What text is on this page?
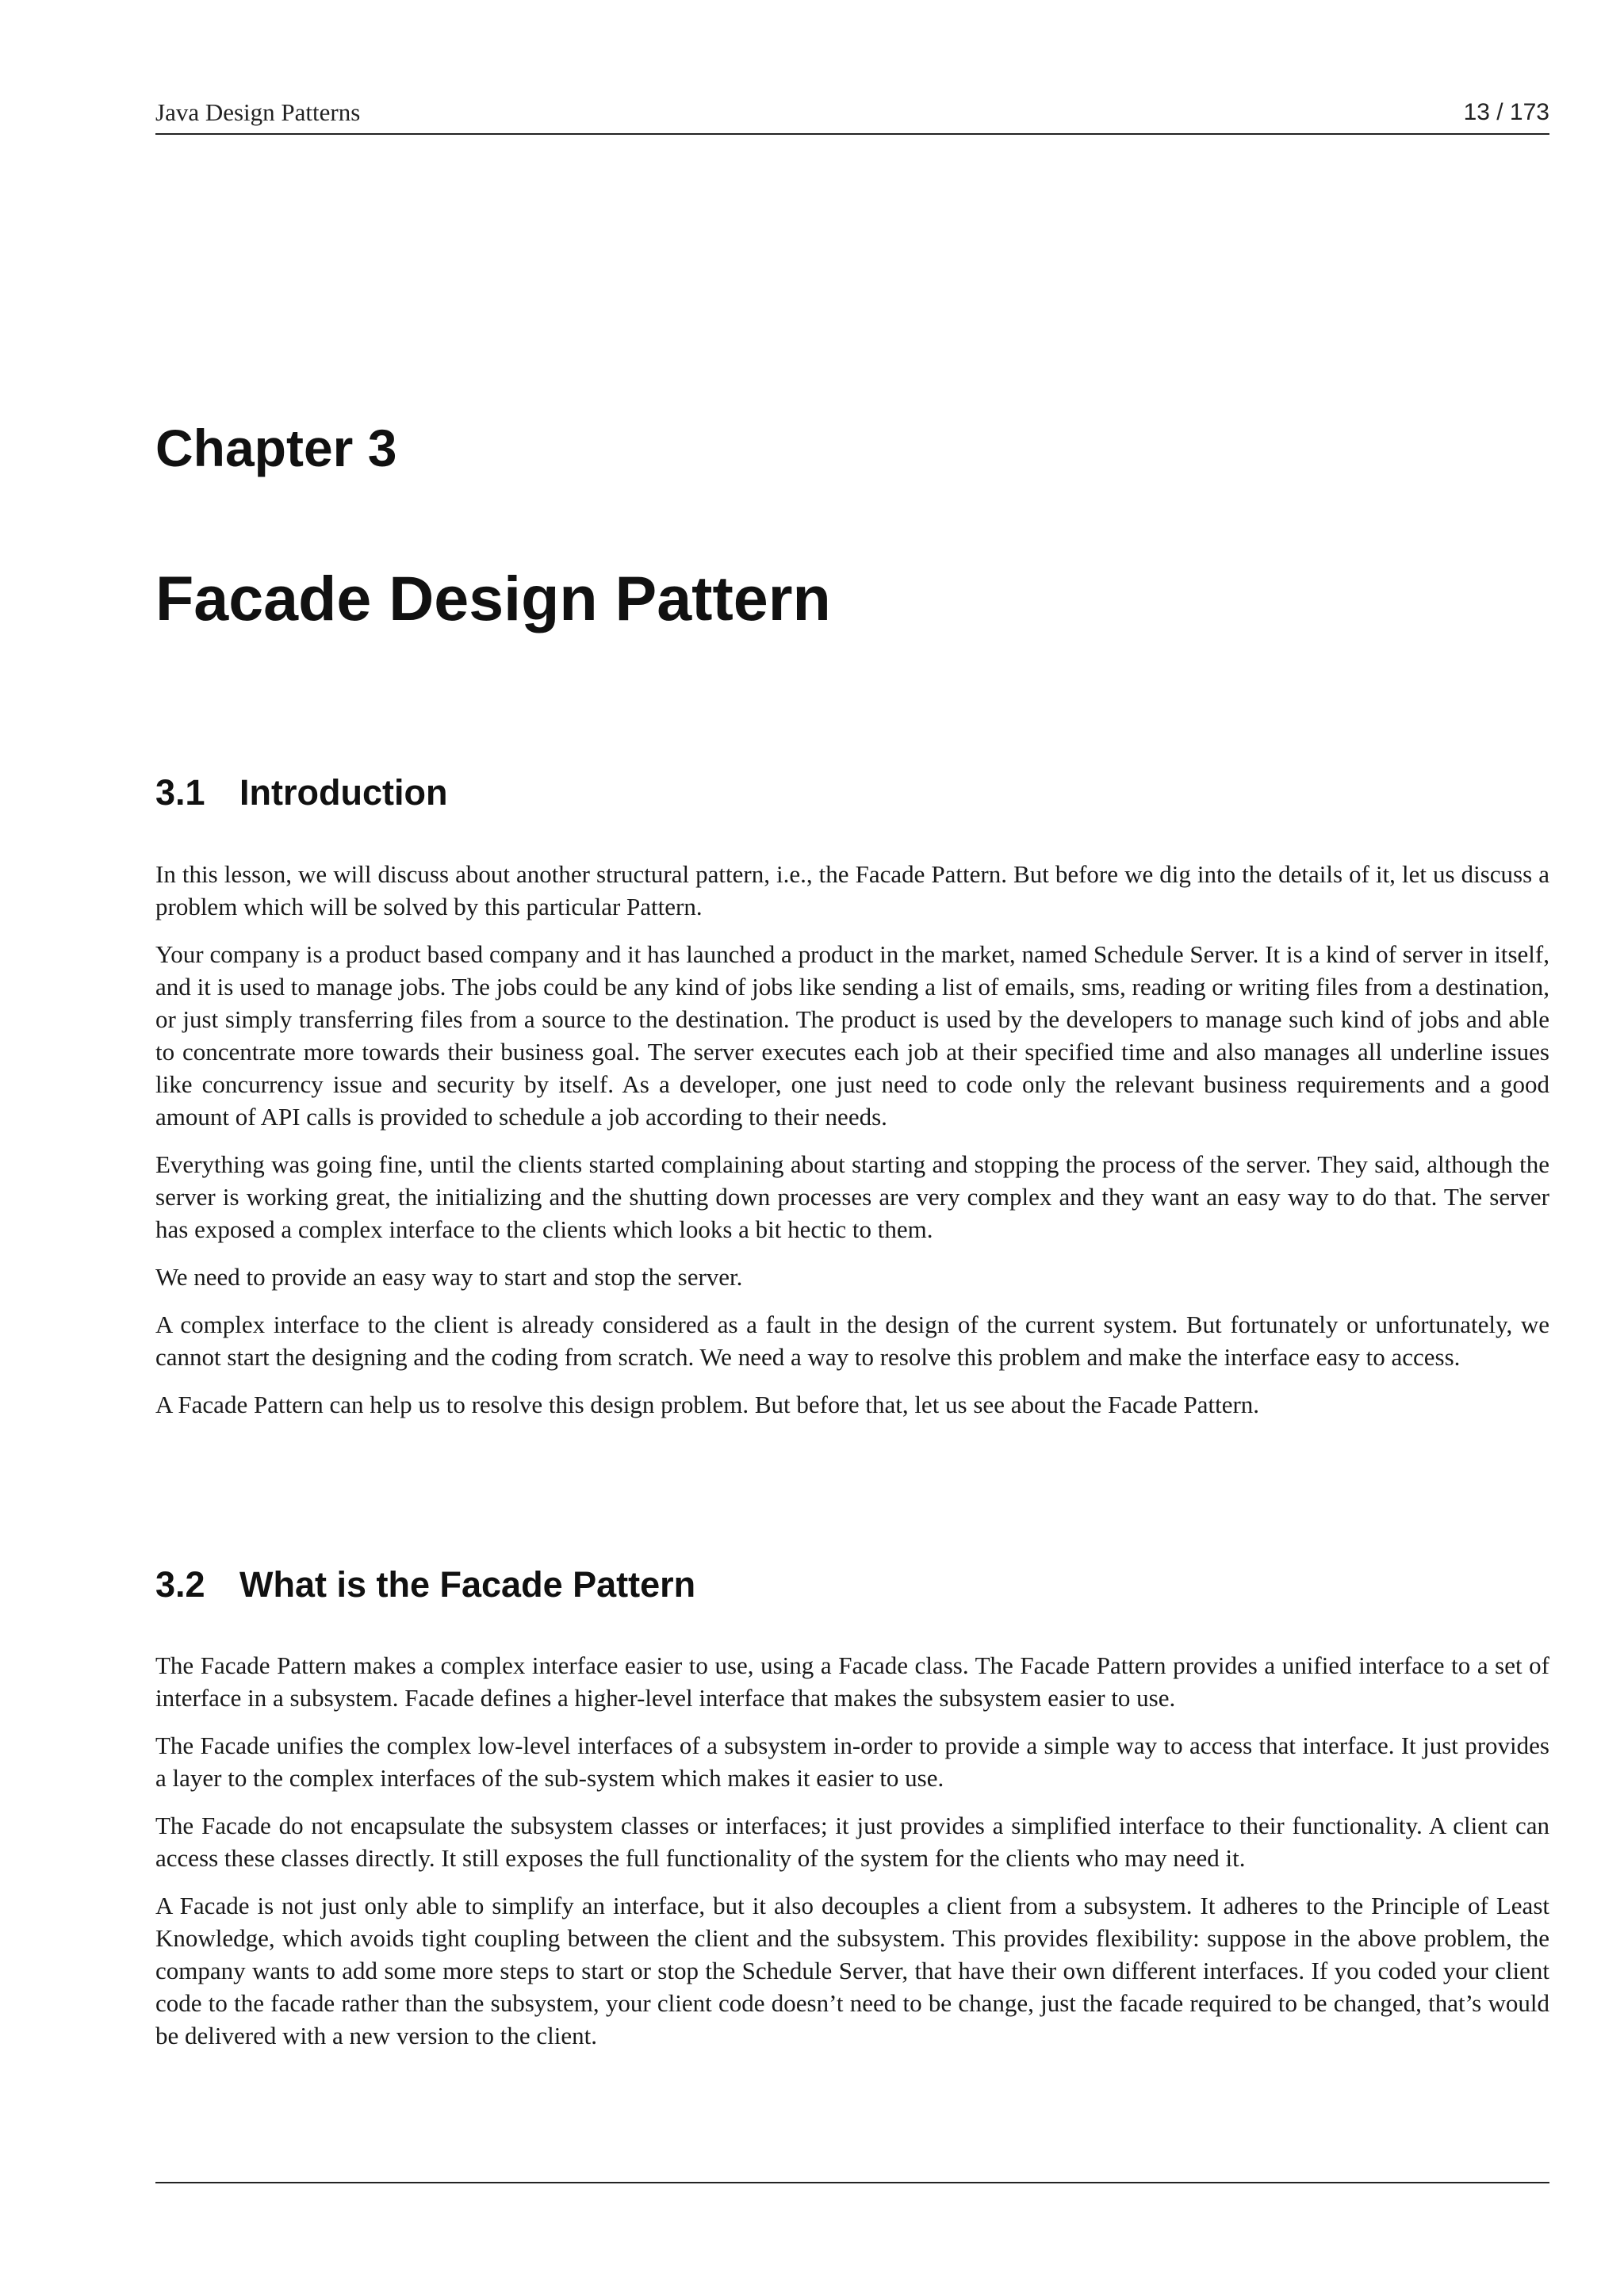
Java Design Patterns	13 / 173
Chapter 3
Facade Design Pattern
3.1 Introduction

In this lesson, we will discuss about another structural pattern, i.e., the Facade Pattern. But before we dig into the details of it, let us discuss a problem which will be solved by this particular Pattern.

Your company is a product based company and it has launched a product in the market, named Schedule Server. It is a kind of server in itself, and it is used to manage jobs. The jobs could be any kind of jobs like sending a list of emails, sms, reading or writing files from a destination, or just simply transferring files from a source to the destination. The product is used by the developers to manage such kind of jobs and able to concentrate more towards their business goal. The server executes each job at their specified time and also manages all underline issues like concurrency issue and security by itself. As a developer, one just need to code only the relevant business requirements and a good amount of API calls is provided to schedule a job according to their needs.

Everything was going fine, until the clients started complaining about starting and stopping the process of the server. They said, although the server is working great, the initializing and the shutting down processes are very complex and they want an easy way to do that. The server has exposed a complex interface to the clients which looks a bit hectic to them.

We need to provide an easy way to start and stop the server.

A complex interface to the client is already considered as a fault in the design of the current system. But fortunately or unfortunately, we cannot start the designing and the coding from scratch. We need a way to resolve this problem and make the interface easy to access.

A Facade Pattern can help us to resolve this design problem. But before that, let us see about the Facade Pattern.

3.2 What is the Facade Pattern

The Facade Pattern makes a complex interface easier to use, using a Facade class. The Facade Pattern provides a unified interface to a set of interface in a subsystem. Facade defines a higher-level interface that makes the subsystem easier to use.

The Facade unifies the complex low-level interfaces of a subsystem in-order to provide a simple way to access that interface. It just provides a layer to the complex interfaces of the sub-system which makes it easier to use.

The Facade do not encapsulate the subsystem classes or interfaces; it just provides a simplified interface to their functionality. A client can access these classes directly. It still exposes the full functionality of the system for the clients who may need it.

A Facade is not just only able to simplify an interface, but it also decouples a client from a subsystem. It adheres to the Principle of Least Knowledge, which avoids tight coupling between the client and the subsystem. This provides flexibility: suppose in the above problem, the company wants to add some more steps to start or stop the Schedule Server, that have their own different interfaces. If you coded your client code to the facade rather than the subsystem, your client code doesn’t need to be change, just the facade required to be changed, that’s would be delivered with a new version to the client.
